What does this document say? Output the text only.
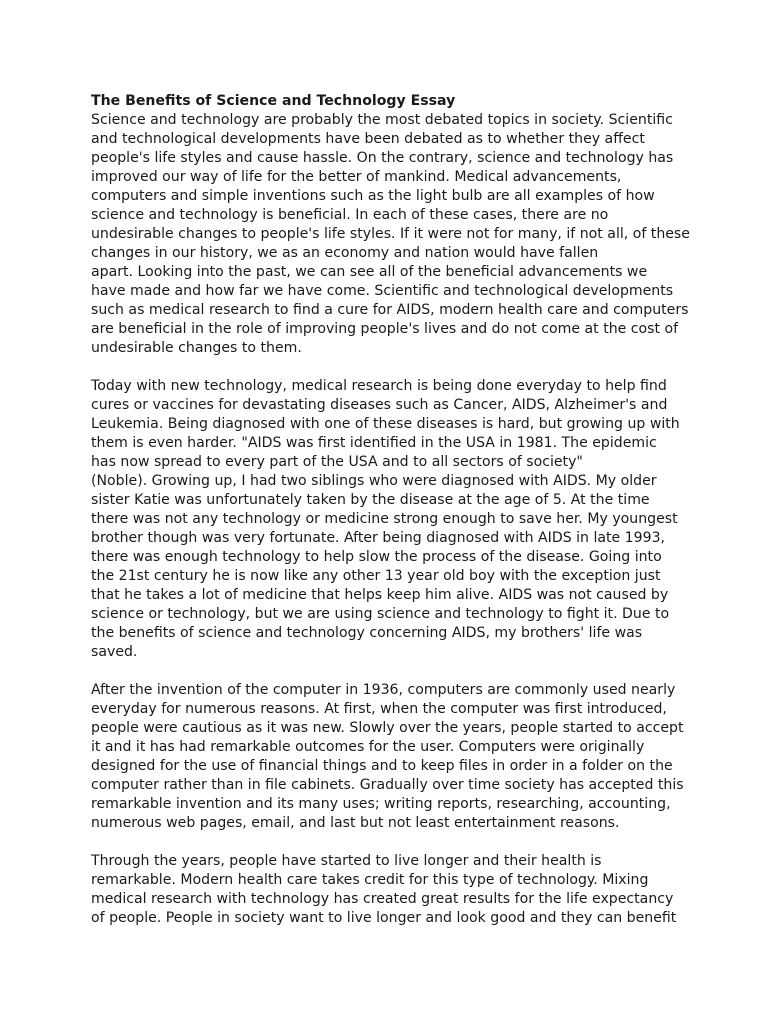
The Benefits of Science and Technology Essay
Science and technology are probably the most debated topics in society. Scientific
and technological developments have been debated as to whether they affect
people's life styles and cause hassle. On the contrary, science and technology has
improved our way of life for the better of mankind. Medical advancements,
computers and simple inventions such as the light bulb are all examples of how
science and technology is beneficial. In each of these cases, there are no
undesirable changes to people's life styles. If it were not for many, if not all, of these
changes in our history, we as an economy and nation would have fallen
apart. Looking into the past, we can see all of the beneficial advancements we
have made and how far we have come. Scientific and technological developments
such as medical research to find a cure for AIDS, modern health care and computers
are beneficial in the role of improving people's lives and do not come at the cost of
undesirable changes to them.
Today with new technology, medical research is being done everyday to help find
cures or vaccines for devastating diseases such as Cancer, AIDS, Alzheimer's and
Leukemia. Being diagnosed with one of these diseases is hard, but growing up with
them is even harder. "AIDS was first identified in the USA in 1981. The epidemic
has now spread to every part of the USA and to all sectors of society"
(Noble). Growing up, I had two siblings who were diagnosed with AIDS. My older
sister Katie was unfortunately taken by the disease at the age of 5. At the time
there was not any technology or medicine strong enough to save her. My youngest
brother though was very fortunate. After being diagnosed with AIDS in late 1993,
there was enough technology to help slow the process of the disease. Going into
the 21st century he is now like any other 13 year old boy with the exception just
that he takes a lot of medicine that helps keep him alive. AIDS was not caused by
science or technology, but we are using science and technology to fight it. Due to
the benefits of science and technology concerning AIDS, my brothers' life was
saved.
After the invention of the computer in 1936, computers are commonly used nearly
everyday for numerous reasons. At first, when the computer was first introduced,
people were cautious as it was new. Slowly over the years, people started to accept
it and it has had remarkable outcomes for the user. Computers were originally
designed for the use of financial things and to keep files in order in a folder on the
computer rather than in file cabinets. Gradually over time society has accepted this
remarkable invention and its many uses; writing reports, researching, accounting,
numerous web pages, email, and last but not least entertainment reasons.
Through the years, people have started to live longer and their health is
remarkable. Modern health care takes credit for this type of technology. Mixing
medical research with technology has created great results for the life expectancy
of people. People in society want to live longer and look good and they can benefit
